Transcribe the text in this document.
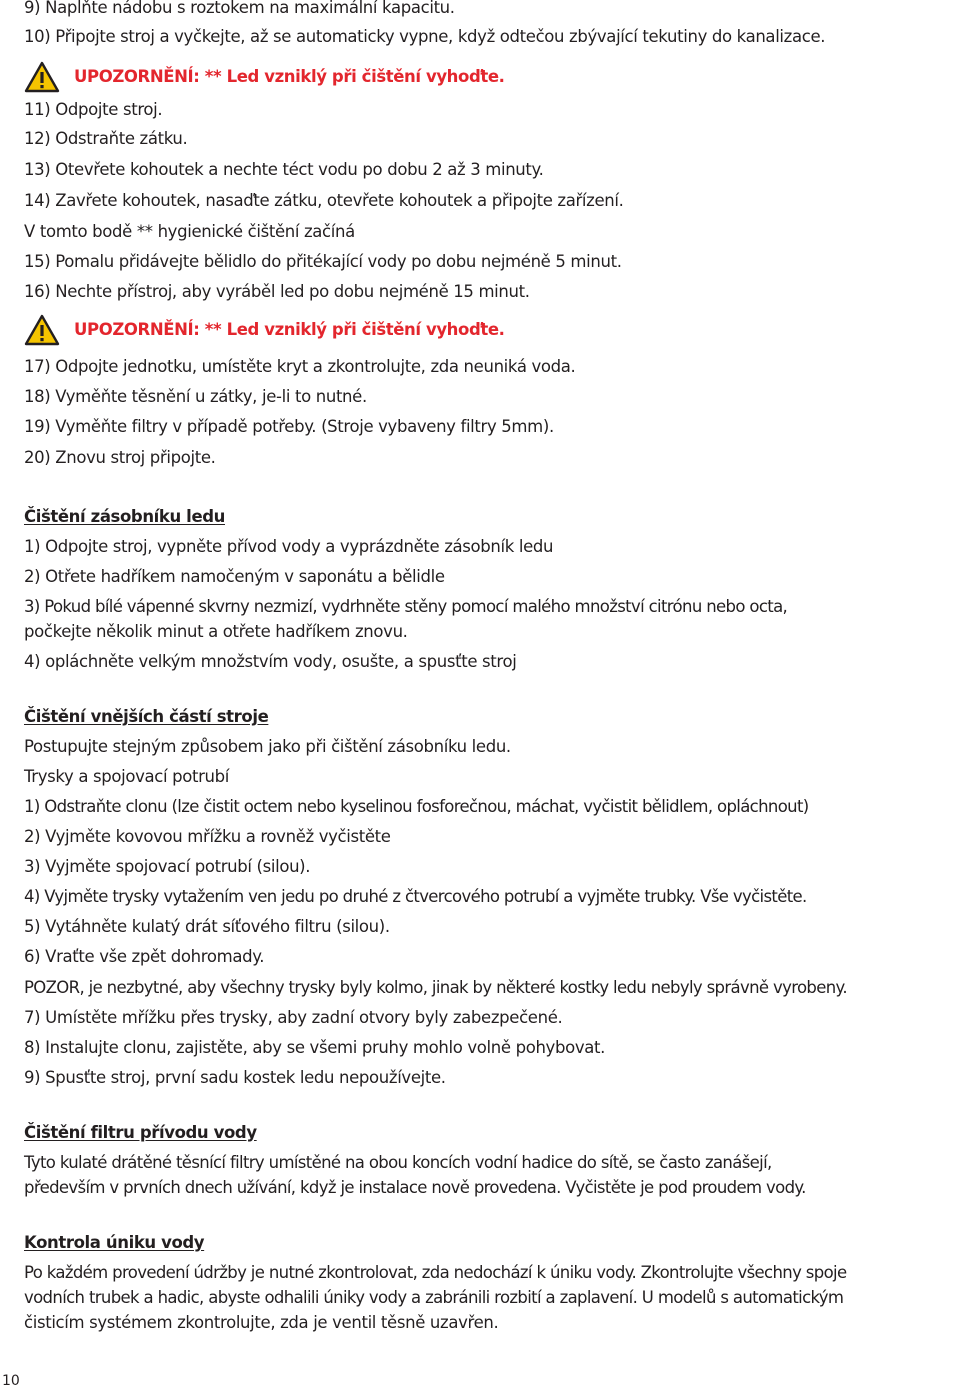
9) Naplňte nádobu s roztokem na maximální kapacitu.
10) Připojte stroj a vyčkejte, až se automaticky vypne, když odtečou zbývající tekutiny do kanalizace.
UPOZORNĚNÍ: ** Led vzniklý při čištění vyhoďte.
11) Odpojte stroj.
12) Odstraňte zátku.
13) Otevřete kohoutek a nechte téct vodu po dobu 2 až 3 minuty.
14) Zavřete kohoutek, nasaďte zátku, otevřete kohoutek a připojte zařízení.
V tomto bodě ** hygienické čištění začíná
15) Pomalu přidávejte bělidlo do přitékající vody po dobu nejméně 5 minut.
16) Nechte přístroj, aby vyráběl led po dobu nejméně 15 minut.
UPOZORNĚNÍ: ** Led vzniklý při čištění vyhoďte.
17) Odpojte jednotku, umístěte kryt a zkontrolujte, zda neuniká voda.
18) Vyměňte těsnění u zátky, je-li to nutné.
19) Vyměňte filtry v případě potřeby. (Stroje vybaveny filtry 5mm).
20) Znovu stroj připojte.
Čištění zásobníku ledu
1) Odpojte stroj, vypněte přívod vody a vyprázdněte zásobník ledu
2) Otřete hadříkem namočeným v saponátu a bělidle
3) Pokud bílé vápenné skvrny nezmizí, vydrhněte stěny pomocí malého množství citrónu nebo octa,
počkejte několik minut a otřete hadříkem znovu.
4) opláchněte velkým množstvím vody, osušte, a spusťte stroj
Čištění vnějších částí stroje
Postupujte stejným způsobem jako při čištění zásobníku ledu.
Trysky a spojovací potrubí
1) Odstraňte clonu (lze čistit octem nebo kyselinou fosforečnou, máchat, vyčistit bělidlem, opláchnout)
2) Vyjměte kovovou mřížku a rovněž vyčistěte
3) Vyjměte spojovací potrubí (silou).
4) Vyjměte trysky vytažením ven jedu po druhé z čtvercového potrubí a vyjměte trubky. Vše vyčistěte.
5) Vytáhněte kulatý drát síťového filtru (silou).
6) Vraťte vše zpět dohromady.
POZOR, je nezbytné, aby všechny trysky byly kolmo, jinak by některé kostky ledu nebyly správně vyrobeny.
7) Umístěte mřížku přes trysky, aby zadní otvory byly zabezpečené.
8) Instalujte clonu, zajistěte, aby se všemi pruhy mohlo volně pohybovat.
9) Spusťte stroj, první sadu kostek ledu nepoužívejte.
Čištění filtru přívodu vody
Tyto kulaté drátěné těsnící filtry umístěné na obou koncích vodní hadice do sítě, se často zanášejí,
především v prvních dnech užívání, když je instalace nově provedena. Vyčistěte je pod proudem vody.
Kontrola úniku vody
Po každém provedení údržby je nutné zkontrolovat, zda nedochází k úniku vody. Zkontrolujte všechny spoje
vodních trubek a hadic, abyste odhalili úniky vody a zabránili rozbití a zaplavení. U modelů s automatickým
čisticím systémem zkontrolujte, zda je ventil těsně uzavřen.
10
